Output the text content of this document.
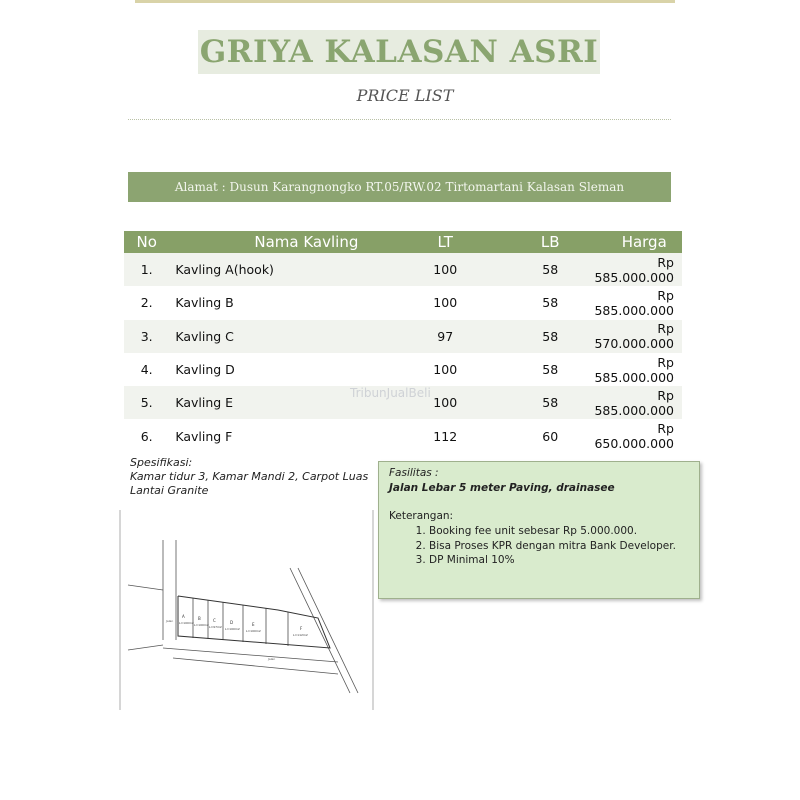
GRIYA KALASAN ASRI
PRICE LIST
Alamat : Dusun Karangnongko RT.05/RW.02 Tirtomartani Kalasan Sleman
No	Nama Kavling	LT	LB	Harga
1.	Kavling A(hook)	100	58	Rp 585.000.000
2.	Kavling B	100	58	Rp 585.000.000
3.	Kavling C	97	58	Rp 570.000.000
4.	Kavling D	100	58	Rp 585.000.000
5.	Kavling E	100	58	Rp 585.000.000
6.	Kavling F	112	60	Rp 650.000.000
TribunJualBeli
Spesifikasi:
Kamar tidur 3, Kamar Mandi 2, Carpot Luas
Lantai Granite
Fasilitas :
Jalan Lebar 5 meter Paving, drainasee
Keterangan:
1. Booking fee unit sebesar Rp 5.000.000.
2. Bisa Proses KPR dengan mitra Bank Developer.
3. DP Minimal 10%
A
L=100m2
B
L=100m2
C
L=97m2
D
L=100m2
E
L=100m2	F
L=112m2
Jalan
Jalan
